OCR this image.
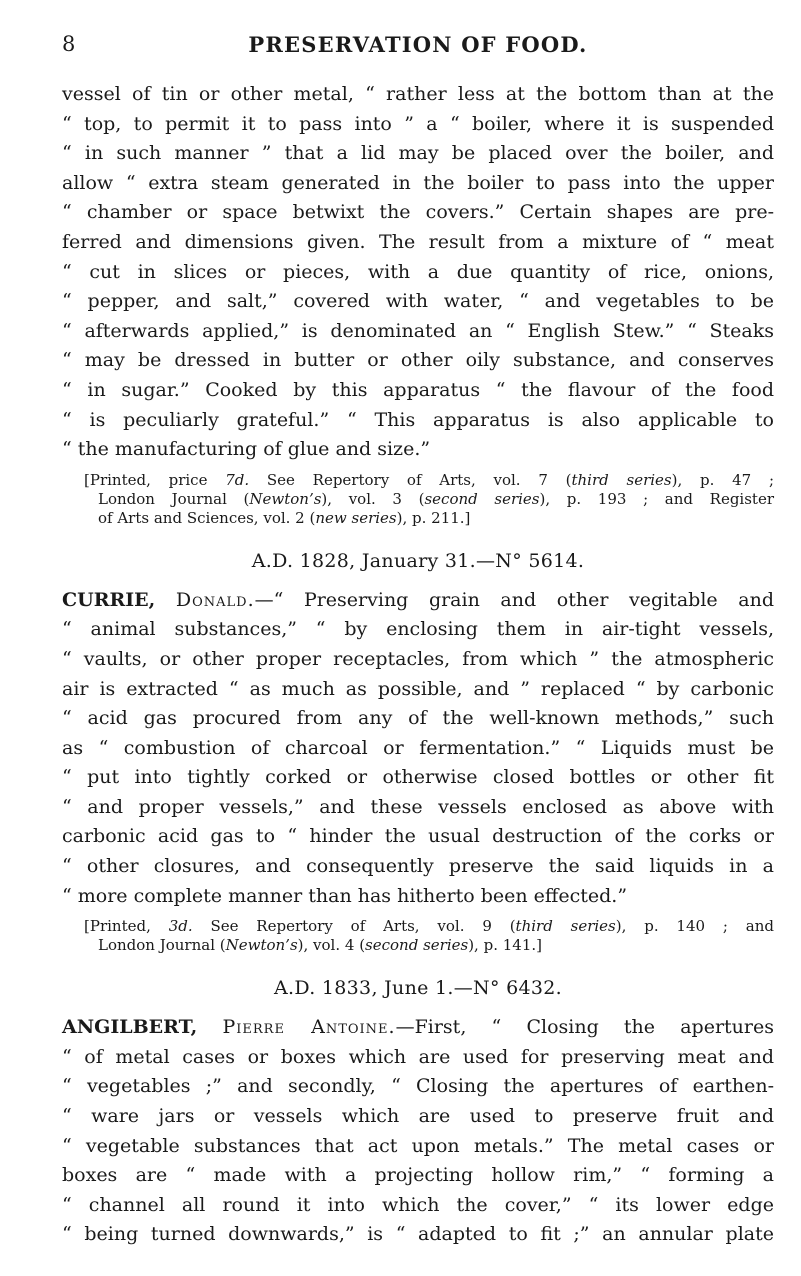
8	PRESERVATION OF FOOD.
vessel of tin or other metal, “ rather less at the bottom than at the
“ top, to permit it to pass into ” a “ boiler, where it is suspended
“ in such manner ” that a lid may be placed over the boiler, and
allow “ extra steam generated in the boiler to pass into the upper
“ chamber or space betwixt the covers.” Certain shapes are pre-
ferred and dimensions given. The result from a mixture of “ meat
“ cut in slices or pieces, with a due quantity of rice, onions,
“ pepper, and salt,” covered with water, “ and vegetables to be
“ afterwards applied,” is denominated an “ English Stew.” “ Steaks
“ may be dressed in butter or other oily substance, and conserves
“ in sugar.” Cooked by this apparatus “ the flavour of the food
“ is peculiarly grateful.” “ This apparatus is also applicable to
“ the manufacturing of glue and size.”
[Printed, price 7d. See Repertory of Arts, vol. 7 (third series), p. 47 ;
London Journal (Newton’s), vol. 3 (second series), p. 193 ; and Register
of Arts and Sciences, vol. 2 (new series), p. 211.]
A.D. 1828, January 31.—N° 5614.
CURRIE, Donald.—“ Preserving grain and other vegitable and
“ animal substances,” “ by enclosing them in air-tight vessels,
“ vaults, or other proper receptacles, from which ” the atmospheric
air is extracted “ as much as possible, and ” replaced “ by carbonic
“ acid gas procured from any of the well-known methods,” such
as “ combustion of charcoal or fermentation.” “ Liquids must be
“ put into tightly corked or otherwise closed bottles or other fit
“ and proper vessels,” and these vessels enclosed as above with
carbonic acid gas to “ hinder the usual destruction of the corks or
“ other closures, and consequently preserve the said liquids in a
“ more complete manner than has hitherto been effected.”
[Printed, 3d. See Repertory of Arts, vol. 9 (third series), p. 140 ; and
London Journal (Newton’s), vol. 4 (second series), p. 141.]
A.D. 1833, June 1.—N° 6432.
ANGILBERT, Pierre Antoine.—First, “ Closing the apertures
“ of metal cases or boxes which are used for preserving meat and
“ vegetables ;” and secondly, “ Closing the apertures of earthen-
“ ware jars or vessels which are used to preserve fruit and
“ vegetable substances that act upon metals.” The metal cases or
boxes are “ made with a projecting hollow rim,” “ forming a
“ channel all round it into which the cover,” “ its lower edge
“ being turned downwards,” is “ adapted to fit ;” an annular plate
